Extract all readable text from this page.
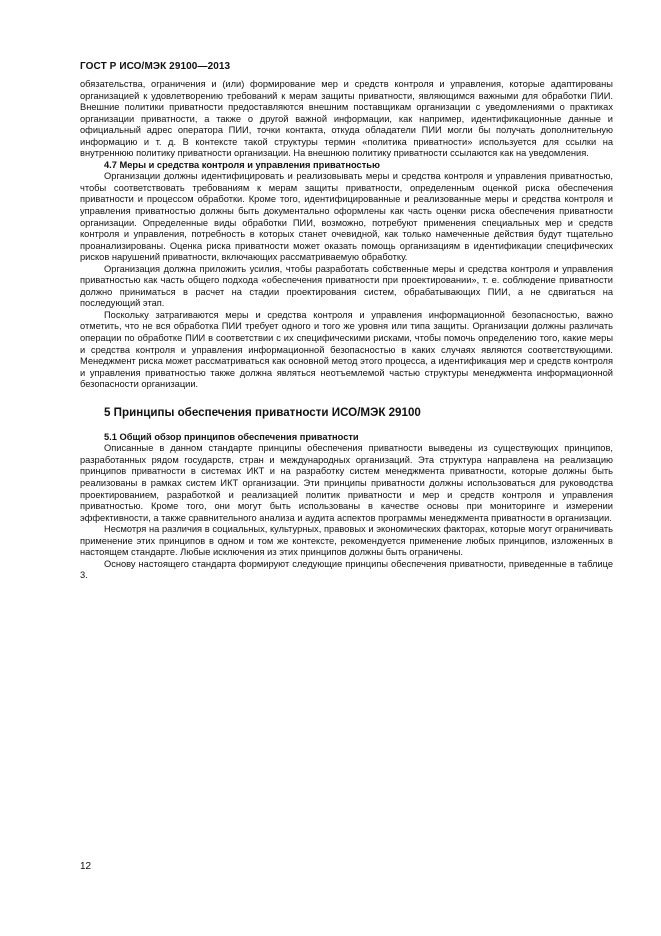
ГОСТ Р ИСО/МЭК 29100—2013

обязательства, ограничения и (или) формирование мер и средств контроля и управления, которые адаптированы организацией к удовлетворению требований к мерам защиты приватности, являющимся важными для обработки ПИИ. Внешние политики приватности предоставляются внешним поставщикам организации с уведомлениями о практиках организации приватности, а также о другой важной информации, как например, идентификационные данные и официальный адрес оператора ПИИ, точки контакта, откуда обладатели ПИИ могли бы получать дополнительную информацию и т. д. В контексте такой структуры термин «политика приватности» используется для ссылки на внутреннюю политику приватности организации. На внешнюю политику приватности ссылаются как на уведомления.

4.7 Меры и средства контроля и управления приватностью

Организации должны идентифицировать и реализовывать меры и средства контроля и управления приватностью, чтобы соответствовать требованиям к мерам защиты приватности, определенным оценкой риска обеспечения приватности и процессом обработки. Кроме того, идентифицированные и реализованные меры и средства контроля и управления приватностью должны быть документально оформлены как часть оценки риска обеспечения приватности организации. Определенные виды обработки ПИИ, возможно, потребуют применения специальных мер и средств контроля и управления, потребность в которых станет очевидной, как только намеченные действия будут тщательно проанализированы. Оценка риска приватности может оказать помощь организациям в идентификации специфических рисков нарушений приватности, включающих рассматриваемую обработку.

Организация должна приложить усилия, чтобы разработать собственные меры и средства контроля и управления приватностью как часть общего подхода «обеспечения приватности при проектировании», т. е. соблюдение приватности должно приниматься в расчет на стадии проектирования систем, обрабатывающих ПИИ, а не сдвигаться на последующий этап.

Поскольку затрагиваются меры и средства контроля и управления информационной безопасностью, важно отметить, что не вся обработка ПИИ требует одного и того же уровня или типа защиты. Организации должны различать операции по обработке ПИИ в соответствии с их специфическими рисками, чтобы помочь определению того, какие меры и средства контроля и управления информационной безопасностью в каких случаях являются соответствующими. Менеджмент риска может рассматриваться как основной метод этого процесса, а идентификация мер и средств контроля и управления приватностью также должна являться неотъемлемой частью структуры менеджмента информационной безопасности организации.

5 Принципы обеспечения приватности ИСО/МЭК 29100

5.1 Общий обзор принципов обеспечения приватности

Описанные в данном стандарте принципы обеспечения приватности выведены из существующих принципов, разработанных рядом государств, стран и международных организаций. Эта структура направлена на реализацию принципов приватности в системах ИКТ и на разработку систем менеджмента приватности, которые должны быть реализованы в рамках систем ИКТ организации. Эти принципы приватности должны использоваться для руководства проектированием, разработкой и реализацией политик приватности и мер и средств контроля и управления приватностью. Кроме того, они могут быть использованы в качестве основы при мониторинге и измерении эффективности, а также сравнительного анализа и аудита аспектов программы менеджмента приватности в организации.

Несмотря на различия в социальных, культурных, правовых и экономических факторах, которые могут ограничивать применение этих принципов в одном и том же контексте, рекомендуется применение любых принципов, изложенных в настоящем стандарте. Любые исключения из этих принципов должны быть ограничены.

Основу настоящего стандарта формируют следующие принципы обеспечения приватности, приведенные в таблице 3.

12
